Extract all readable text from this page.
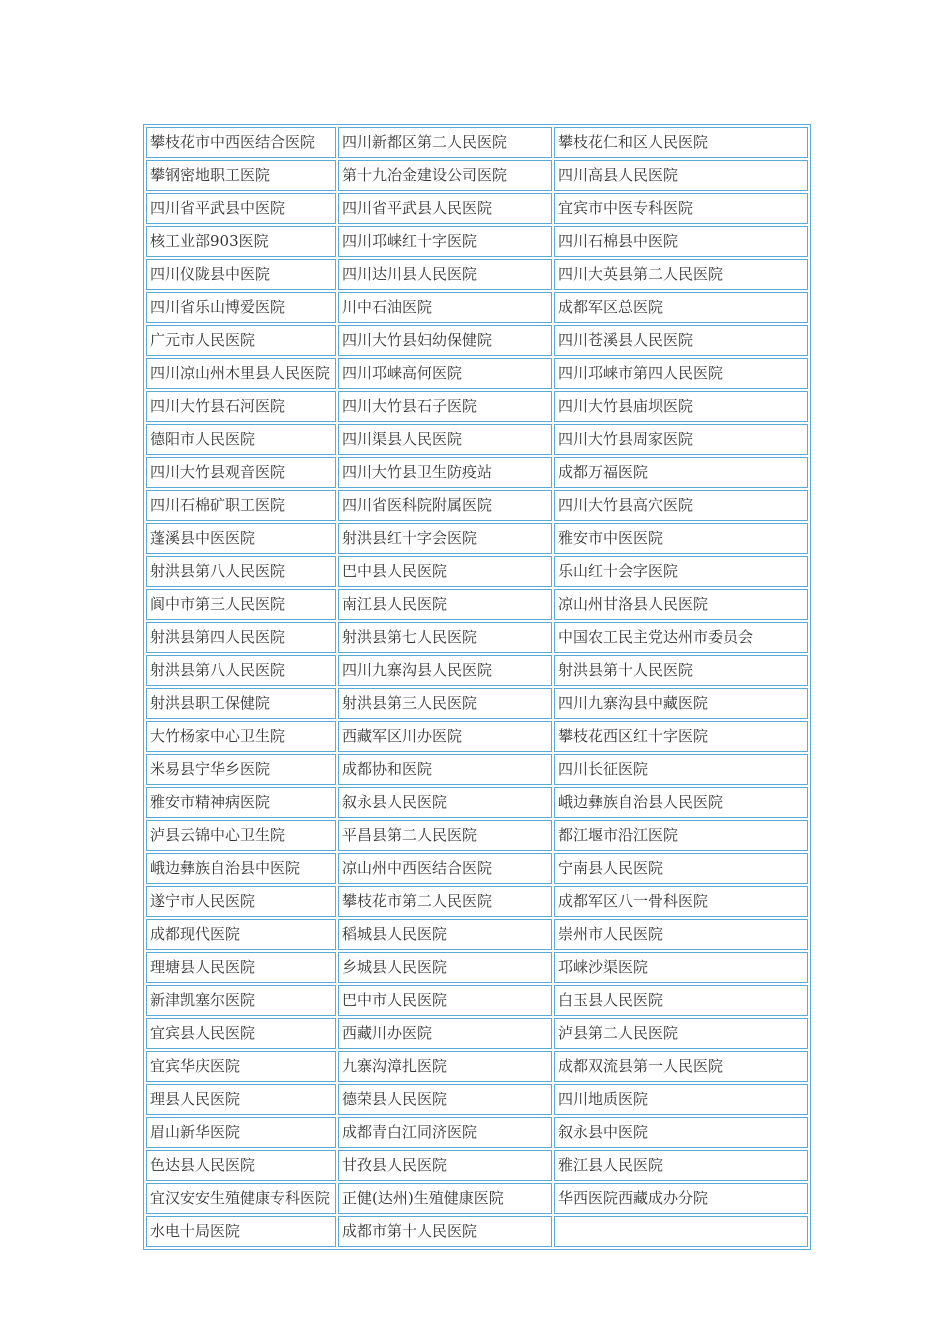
攀枝花市中西医结合医院	四川新都区第二人民医院	攀枝花仁和区人民医院
攀钢密地职工医院	第十九冶金建设公司医院	四川高县人民医院
四川省平武县中医院	四川省平武县人民医院	宜宾市中医专科医院
核工业部903医院	四川邛崃红十字医院	四川石棉县中医院
四川仪陇县中医院	四川达川县人民医院	四川大英县第二人民医院
四川省乐山博爱医院	川中石油医院	成都军区总医院
广元市人民医院	四川大竹县妇幼保健院	四川苍溪县人民医院
四川凉山州木里县人民医院	四川邛崃高何医院	四川邛崃市第四人民医院
四川大竹县石河医院	四川大竹县石子医院	四川大竹县庙坝医院
德阳市人民医院	四川渠县人民医院	四川大竹县周家医院
四川大竹县观音医院	四川大竹县卫生防疫站	成都万福医院
四川石棉矿职工医院	四川省医科院附属医院	四川大竹县高穴医院
蓬溪县中医医院	射洪县红十字会医院	雅安市中医医院
射洪县第八人民医院	巴中县人民医院	乐山红十会字医院
阆中市第三人民医院	南江县人民医院	凉山州甘洛县人民医院
射洪县第四人民医院	射洪县第七人民医院	中国农工民主党达州市委员会
射洪县第八人民医院	四川九寨沟县人民医院	射洪县第十人民医院
射洪县职工保健院	射洪县第三人民医院	四川九寨沟县中藏医院
大竹杨家中心卫生院	西藏军区川办医院	攀枝花西区红十字医院
米易县宁华乡医院	成都协和医院	四川长征医院
雅安市精神病医院	叙永县人民医院	峨边彝族自治县人民医院
泸县云锦中心卫生院	平昌县第二人民医院	都江堰市沿江医院
峨边彝族自治县中医院	凉山州中西医结合医院	宁南县人民医院
遂宁市人民医院	攀枝花市第二人民医院	成都军区八一骨科医院
成都现代医院	稻城县人民医院	崇州市人民医院
理塘县人民医院	乡城县人民医院	邛崃沙渠医院
新津凯塞尔医院	巴中市人民医院	白玉县人民医院
宜宾县人民医院	西藏川办医院	泸县第二人民医院
宜宾华庆医院	九寨沟漳扎医院	成都双流县第一人民医院
理县人民医院	德荣县人民医院	四川地质医院
眉山新华医院	成都青白江同济医院	叙永县中医院
色达县人民医院	甘孜县人民医院	雅江县人民医院
宜汉安安生殖健康专科医院	正健(达州)生殖健康医院	华西医院西藏成办分院
水电十局医院	成都市第十人民医院	
